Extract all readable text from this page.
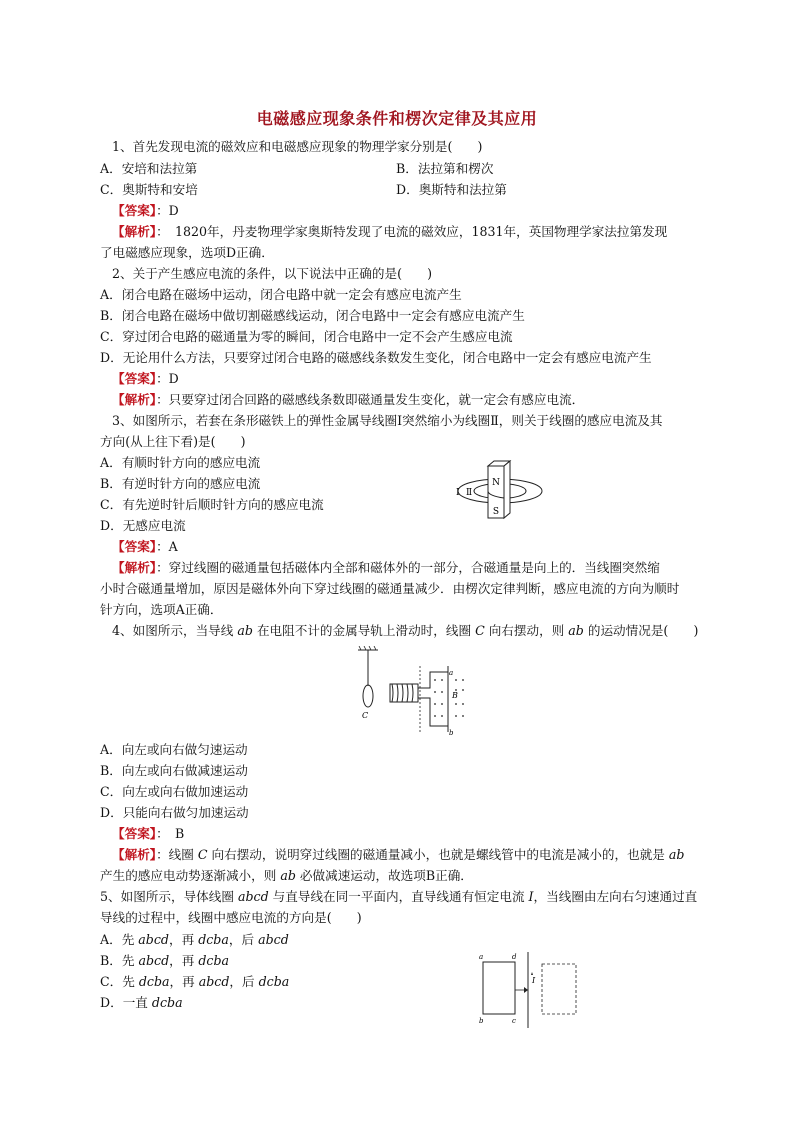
电磁感应现象条件和楞次定律及其应用
1、首先发现电流的磁效应和电磁感应现象的物理学家分别是(　　)
A．安培和法拉第	B．法拉第和楞次
C．奥斯特和安培	D．奥斯特和法拉第
【答案】：D
【解析】：　1820年，丹麦物理学家奥斯特发现了电流的磁效应，1831年，英国物理学家法拉第发现
了电磁感应现象，选项D正确．
2、关于产生感应电流的条件，以下说法中正确的是(　　)
A．闭合电路在磁场中运动，闭合电路中就一定会有感应电流产生
B．闭合电路在磁场中做切割磁感线运动，闭合电路中一定会有感应电流产生
C．穿过闭合电路的磁通量为零的瞬间，闭合电路中一定不会产生感应电流
D．无论用什么方法，只要穿过闭合电路的磁感线条数发生变化，闭合电路中一定会有感应电流产生
【答案】：D
【解析】：只要穿过闭合回路的磁感线条数即磁通量发生变化，就一定会有感应电流．
3、如图所示，若套在条形磁铁上的弹性金属导线圈Ⅰ突然缩小为线圈Ⅱ，则关于线圈的感应电流及其
方向(从上往下看)是(　　)
A．有顺时针方向的感应电流
B．有逆时针方向的感应电流
C．有先逆时针后顺时针方向的感应电流
D．无感应电流
N
S
Ⅰ Ⅱ
【答案】：A
【解析】：穿过线圈的磁通量包括磁体内全部和磁体外的一部分，合磁通量是向上的．当线圈突然缩
小时合磁通量增加，原因是磁体外向下穿过线圈的磁通量减少．由楞次定律判断，感应电流的方向为顺时
针方向，选项A正确．
4、如图所示，当导线 ab 在电阻不计的金属导轨上滑动时，线圈 C 向右摆动，则 ab 的运动情况是(　　)
C
a
b
B
A．向左或向右做匀速运动
B．向左或向右做减速运动
C．向左或向右做加速运动
D．只能向右做匀加速运动
【答案】：　B
【解析】：线圈 C 向右摆动，说明穿过线圈的磁通量减小，也就是螺线管中的电流是减小的，也就是 ab
产生的感应电动势逐渐减小，则 ab 必做减速运动，故选项B正确．
5、如图所示，导体线圈 abcd 与直导线在同一平面内，直导线通有恒定电流 I，当线圈由左向右匀速通过直
导线的过程中，线圈中感应电流的方向是(　　)
A．先 abcd，再 dcba，后 abcd
B．先 abcd，再 dcba
C．先 dcba，再 abcd，后 dcba
D．一直 dcba
a	d
b	c
I
